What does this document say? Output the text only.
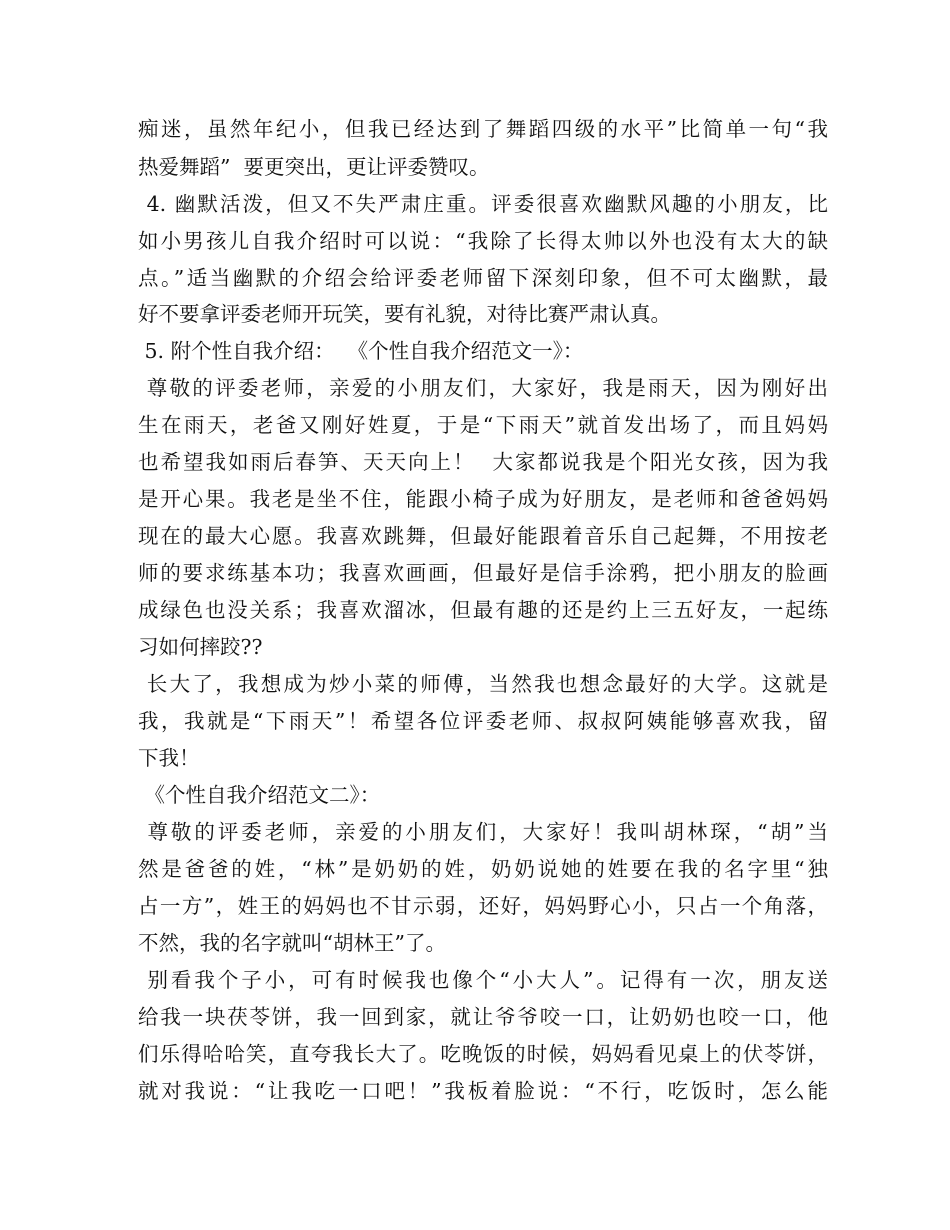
痴迷，虽然年纪小，但我已经达到了舞蹈四级的水平”比简单一句“我
热爱舞蹈”  要更突出，更让评委赞叹。
4. 幽默活泼，但又不失严肃庄重。评委很喜欢幽默风趣的小朋友，比
如小男孩儿自我介绍时可以说：“我除了长得太帅以外也没有太大的缺
点。”适当幽默的介绍会给评委老师留下深刻印象，但不可太幽默，最
好不要拿评委老师开玩笑，要有礼貌，对待比赛严肃认真。
5. 附个性自我介绍：  《个性自我介绍范文一》：
尊敬的评委老师，亲爱的小朋友们，大家好，我是雨天，因为刚好出
生在雨天，老爸又刚好姓夏，于是“下雨天”就首发出场了，而且妈妈
也希望我如雨后春笋、天天向上！  大家都说我是个阳光女孩，因为我
是开心果。我老是坐不住，能跟小椅子成为好朋友，是老师和爸爸妈妈
现在的最大心愿。我喜欢跳舞，但最好能跟着音乐自己起舞，不用按老
师的要求练基本功；我喜欢画画，但最好是信手涂鸦，把小朋友的脸画
成绿色也没关系；我喜欢溜冰，但最有趣的还是约上三五好友，一起练
习如何摔跤??
长大了，我想成为炒小菜的师傅，当然我也想念最好的大学。这就是
我，我就是“下雨天”！希望各位评委老师、叔叔阿姨能够喜欢我，留
下我！
《个性自我介绍范文二》：
尊敬的评委老师，亲爱的小朋友们，大家好！我叫胡林琛，“胡”当
然是爸爸的姓，“林”是奶奶的姓，奶奶说她的姓要在我的名字里“独
占一方”，姓王的妈妈也不甘示弱，还好，妈妈野心小，只占一个角落，
不然，我的名字就叫“胡林王”了。
别看我个子小，可有时候我也像个“小大人”。记得有一次，朋友送
给我一块茯苓饼，我一回到家，就让爷爷咬一口，让奶奶也咬一口，他
们乐得哈哈笑，直夸我长大了。吃晚饭的时候，妈妈看见桌上的伏苓饼，
就对我说：“让我吃一口吧！”我板着脸说：“不行，吃饭时，怎么能
